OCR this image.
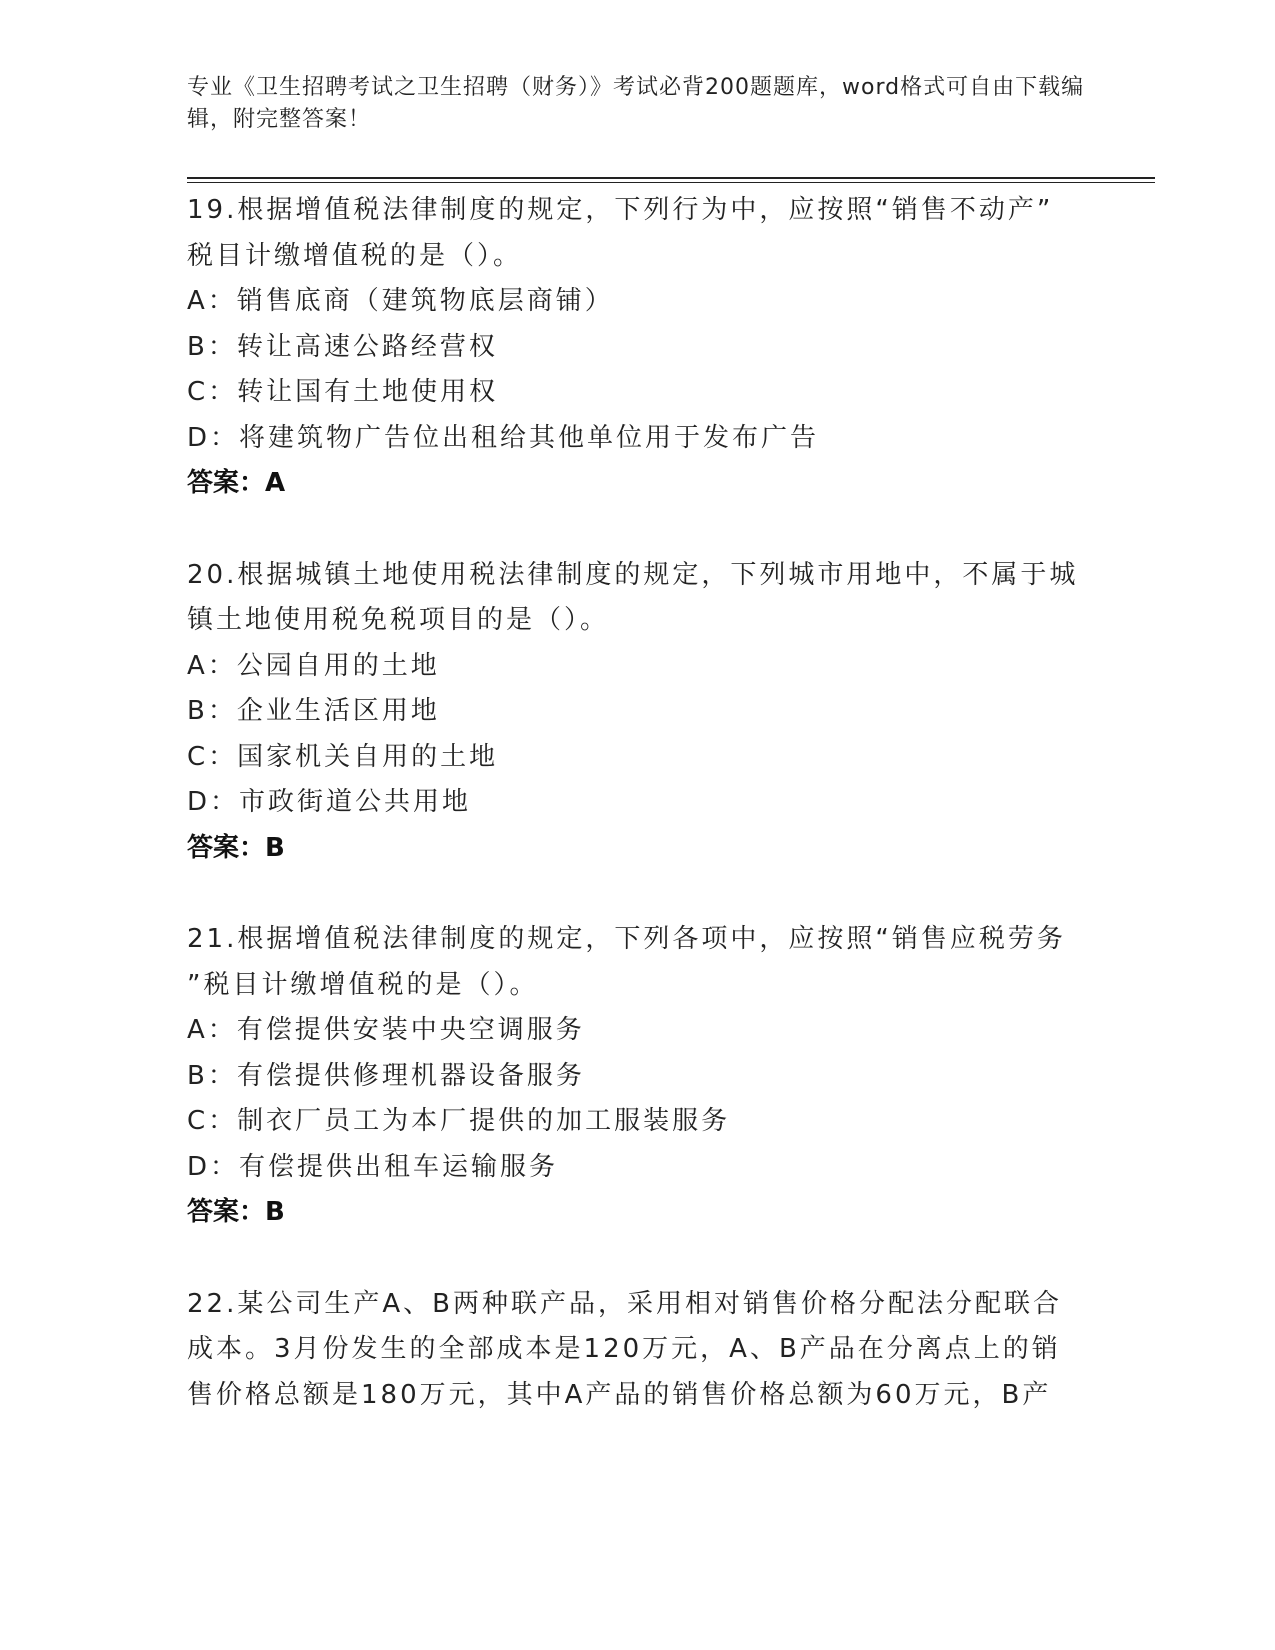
专业《卫生招聘考试之卫生招聘（财务）》考试必背200题题库，word格式可自由下载编辑，附完整答案！
19.根据增值税法律制度的规定，下列行为中，应按照“销售不动产”
税目计缴增值税的是（）。
A：销售底商（建筑物底层商铺）
B：转让高速公路经营权
C：转让国有土地使用权
D：将建筑物广告位出租给其他单位用于发布广告
答案：A
20.根据城镇土地使用税法律制度的规定，下列城市用地中，不属于城
镇土地使用税免税项目的是（）。
A：公园自用的土地
B：企业生活区用地
C：国家机关自用的土地
D：市政街道公共用地
答案：B
21.根据增值税法律制度的规定，下列各项中，应按照“销售应税劳务
”税目计缴增值税的是（）。
A：有偿提供安装中央空调服务
B：有偿提供修理机器设备服务
C：制衣厂员工为本厂提供的加工服装服务
D：有偿提供出租车运输服务
答案：B
22.某公司生产A、B两种联产品，采用相对销售价格分配法分配联合
成本。3月份发生的全部成本是120万元，A、B产品在分离点上的销
售价格总额是180万元，其中A产品的销售价格总额为60万元，B产
